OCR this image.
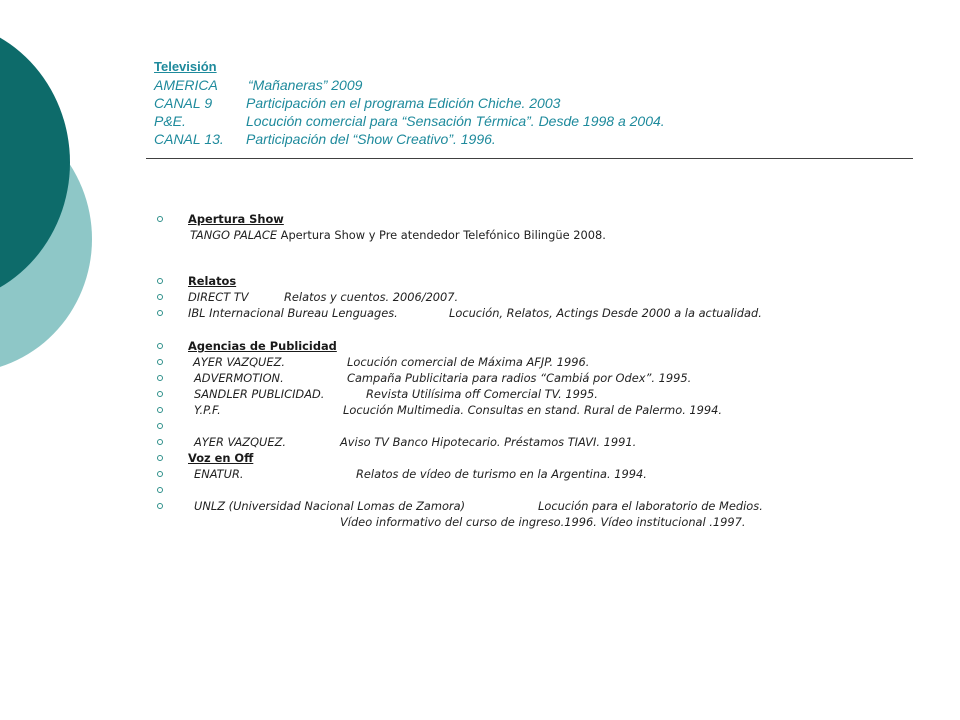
Televisión
AMERICA “Mañaneras” 2009
CANAL 9 Participación en el programa Edición Chiche. 2003
P&E.	Locución comercial para “Sensación Térmica”. Desde 1998 a 2004.
CANAL 13. Participación del “Show Creativo”. 1996.
Apertura Show
TANGO PALACE Apertura Show y Pre atendedor Telefónico Bilingüe 2008.
Relatos
DIRECT TV	Relatos y cuentos. 2006/2007.
IBL Internacional Bureau Lenguages.	Locución, Relatos, Actings Desde 2000 a la actualidad.
Agencias de Publicidad
AYER VAZQUEZ.	Locución comercial de Máxima AFJP. 1996.
ADVERMOTION.	Campaña Publicitaria para radios “Cambiá por Odex”. 1995.
SANDLER PUBLICIDAD.	Revista Utilísima off Comercial TV. 1995.
Y.P.F.	Locución Multimedia. Consultas en stand. Rural de Palermo. 1994.
AYER VAZQUEZ.	Aviso TV Banco Hipotecario. Préstamos TIAVI. 1991.
Voz en Off
ENATUR.	Relatos de vídeo de turismo en la Argentina. 1994.
UNLZ (Universidad Nacional Lomas de Zamora)	Locución para el laboratorio de Medios.
Vídeo informativo del curso de ingreso.1996. Vídeo institucional .1997.
